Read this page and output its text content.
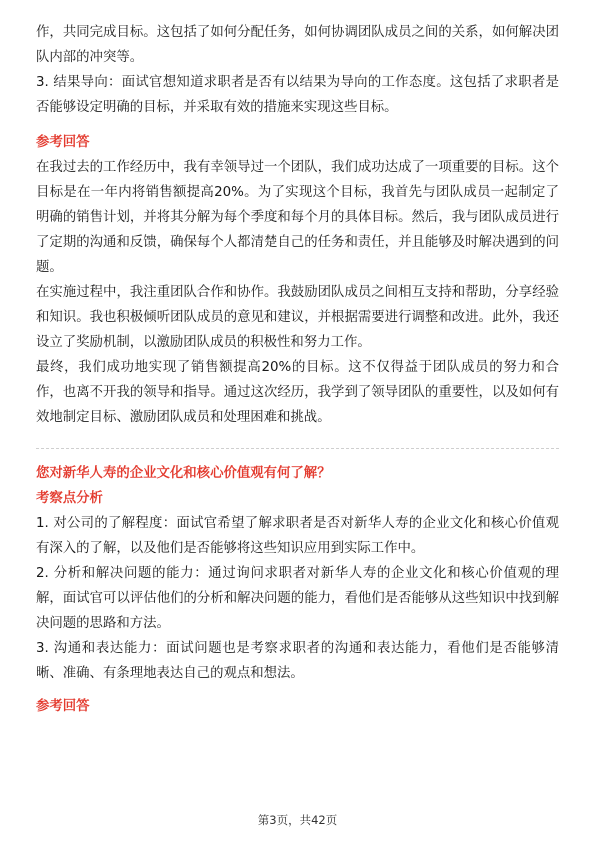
作，共同完成目标。这包括了如何分配任务，如何协调团队成员之间的关系，如何解决团队内部的冲突等。

3. 结果导向：面试官想知道求职者是否有以结果为导向的工作态度。这包括了求职者是否能够设定明确的目标，并采取有效的措施来实现这些目标。

参考回答

在我过去的工作经历中，我有幸领导过一个团队，我们成功达成了一项重要的目标。这个目标是在一年内将销售额提高20%。为了实现这个目标，我首先与团队成员一起制定了明确的销售计划，并将其分解为每个季度和每个月的具体目标。然后，我与团队成员进行了定期的沟通和反馈，确保每个人都清楚自己的任务和责任，并且能够及时解决遇到的问题。

在实施过程中，我注重团队合作和协作。我鼓励团队成员之间相互支持和帮助，分享经验和知识。我也积极倾听团队成员的意见和建议，并根据需要进行调整和改进。此外，我还设立了奖励机制，以激励团队成员的积极性和努力工作。

最终，我们成功地实现了销售额提高20%的目标。这不仅得益于团队成员的努力和合作，也离不开我的领导和指导。通过这次经历，我学到了领导团队的重要性，以及如何有效地制定目标、激励团队成员和处理困难和挑战。

您对新华人寿的企业文化和核心价值观有何了解？
考察点分析

1. 对公司的了解程度：面试官希望了解求职者是否对新华人寿的企业文化和核心价值观有深入的了解，以及他们是否能够将这些知识应用到实际工作中。

2. 分析和解决问题的能力：通过询问求职者对新华人寿的企业文化和核心价值观的理解，面试官可以评估他们的分析和解决问题的能力，看他们是否能够从这些知识中找到解决问题的思路和方法。

3. 沟通和表达能力：面试问题也是考察求职者的沟通和表达能力，看他们是否能够清晰、准确、有条理地表达自己的观点和想法。

参考回答
第3页，共42页
